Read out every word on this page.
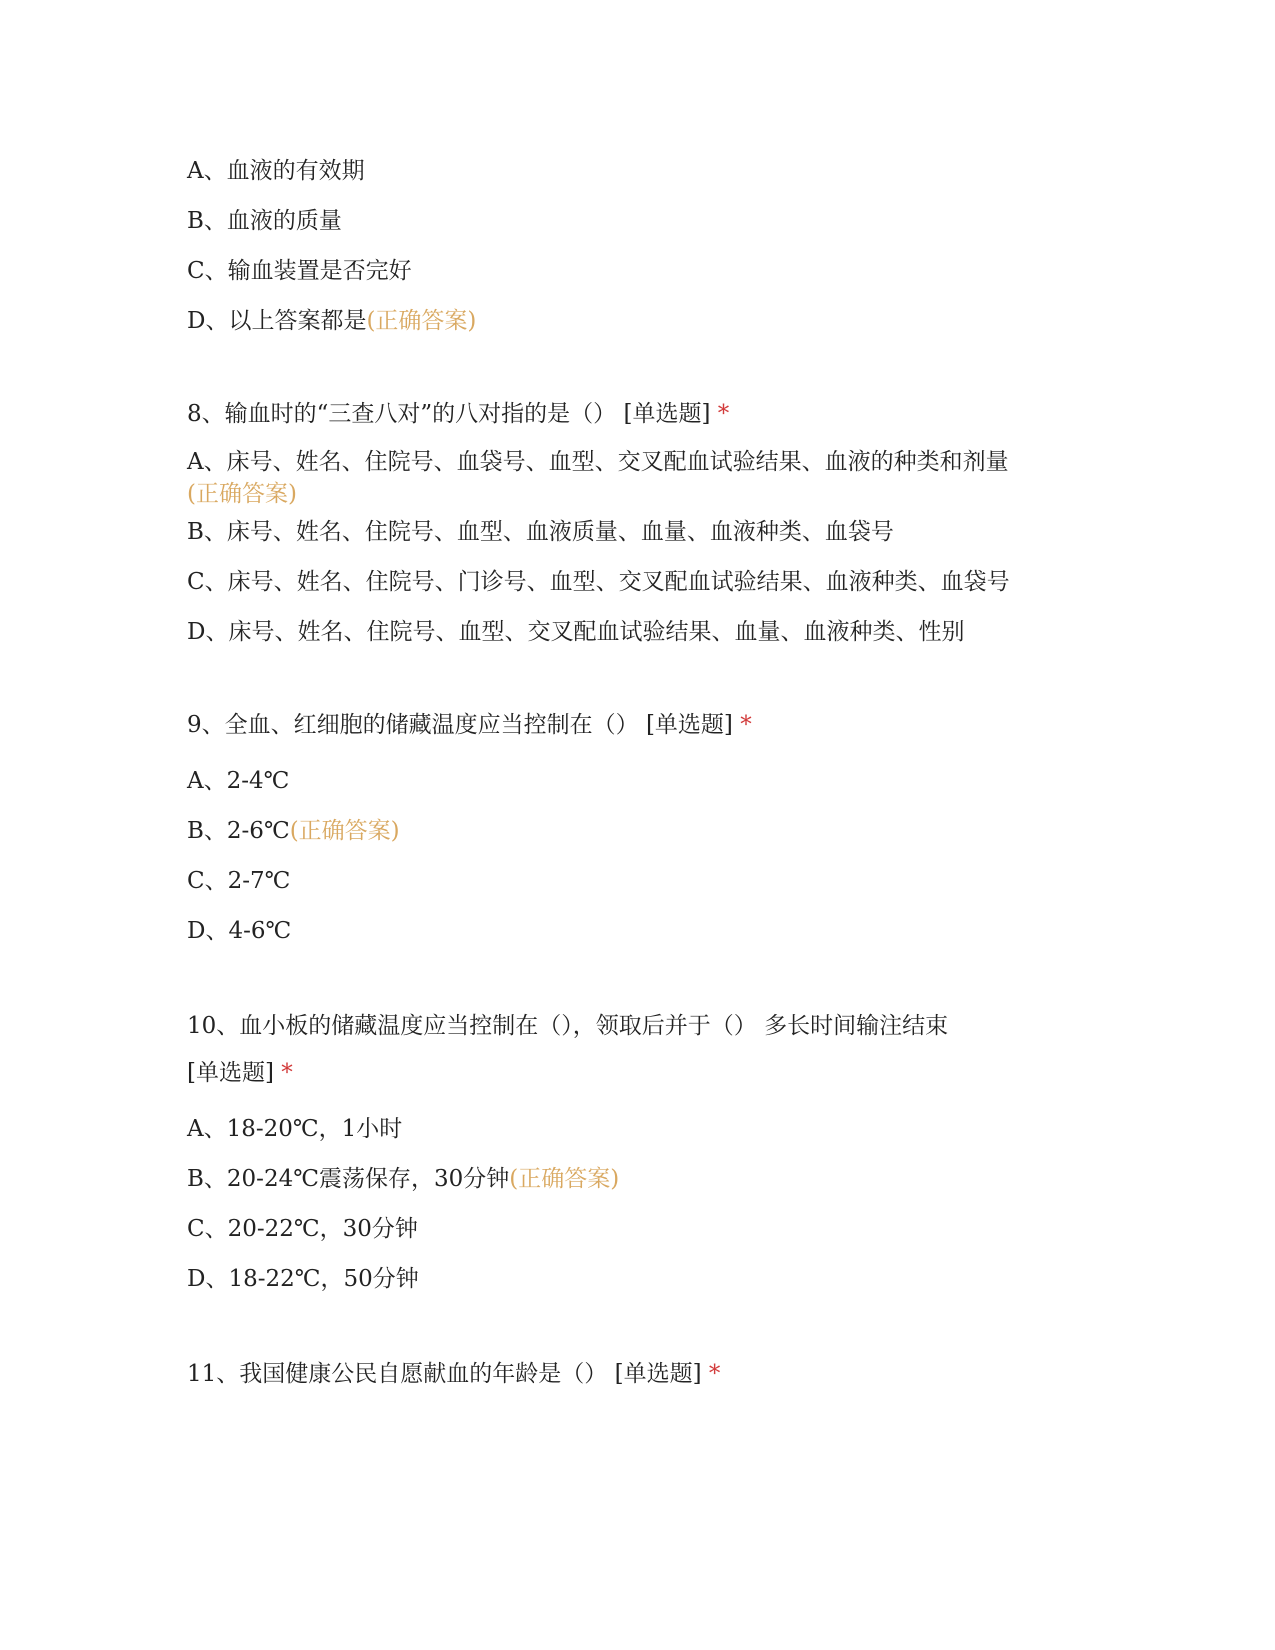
A、血液的有效期
B、血液的质量
C、输血装置是否完好
D、以上答案都是(正确答案)
8、输血时的“三查八对”的八对指的是（） [单选题] *
A、床号、姓名、住院号、血袋号、血型、交叉配血试验结果、血液的种类和剂量
(正确答案)
B、床号、姓名、住院号、血型、血液质量、血量、血液种类、血袋号
C、床号、姓名、住院号、门诊号、血型、交叉配血试验结果、血液种类、血袋号
D、床号、姓名、住院号、血型、交叉配血试验结果、血量、血液种类、性别
9、全血、红细胞的储藏温度应当控制在（） [单选题] *
A、2-4℃
B、2-6℃(正确答案)
C、2-7℃
D、4-6℃
10、血小板的储藏温度应当控制在（），领取后并于（） 多长时间输注结束
[单选题] *
A、18-20℃，1小时
B、20-24℃震荡保存，30分钟(正确答案)
C、20-22℃，30分钟
D、18-22℃，50分钟
11、我国健康公民自愿献血的年龄是（） [单选题] *
